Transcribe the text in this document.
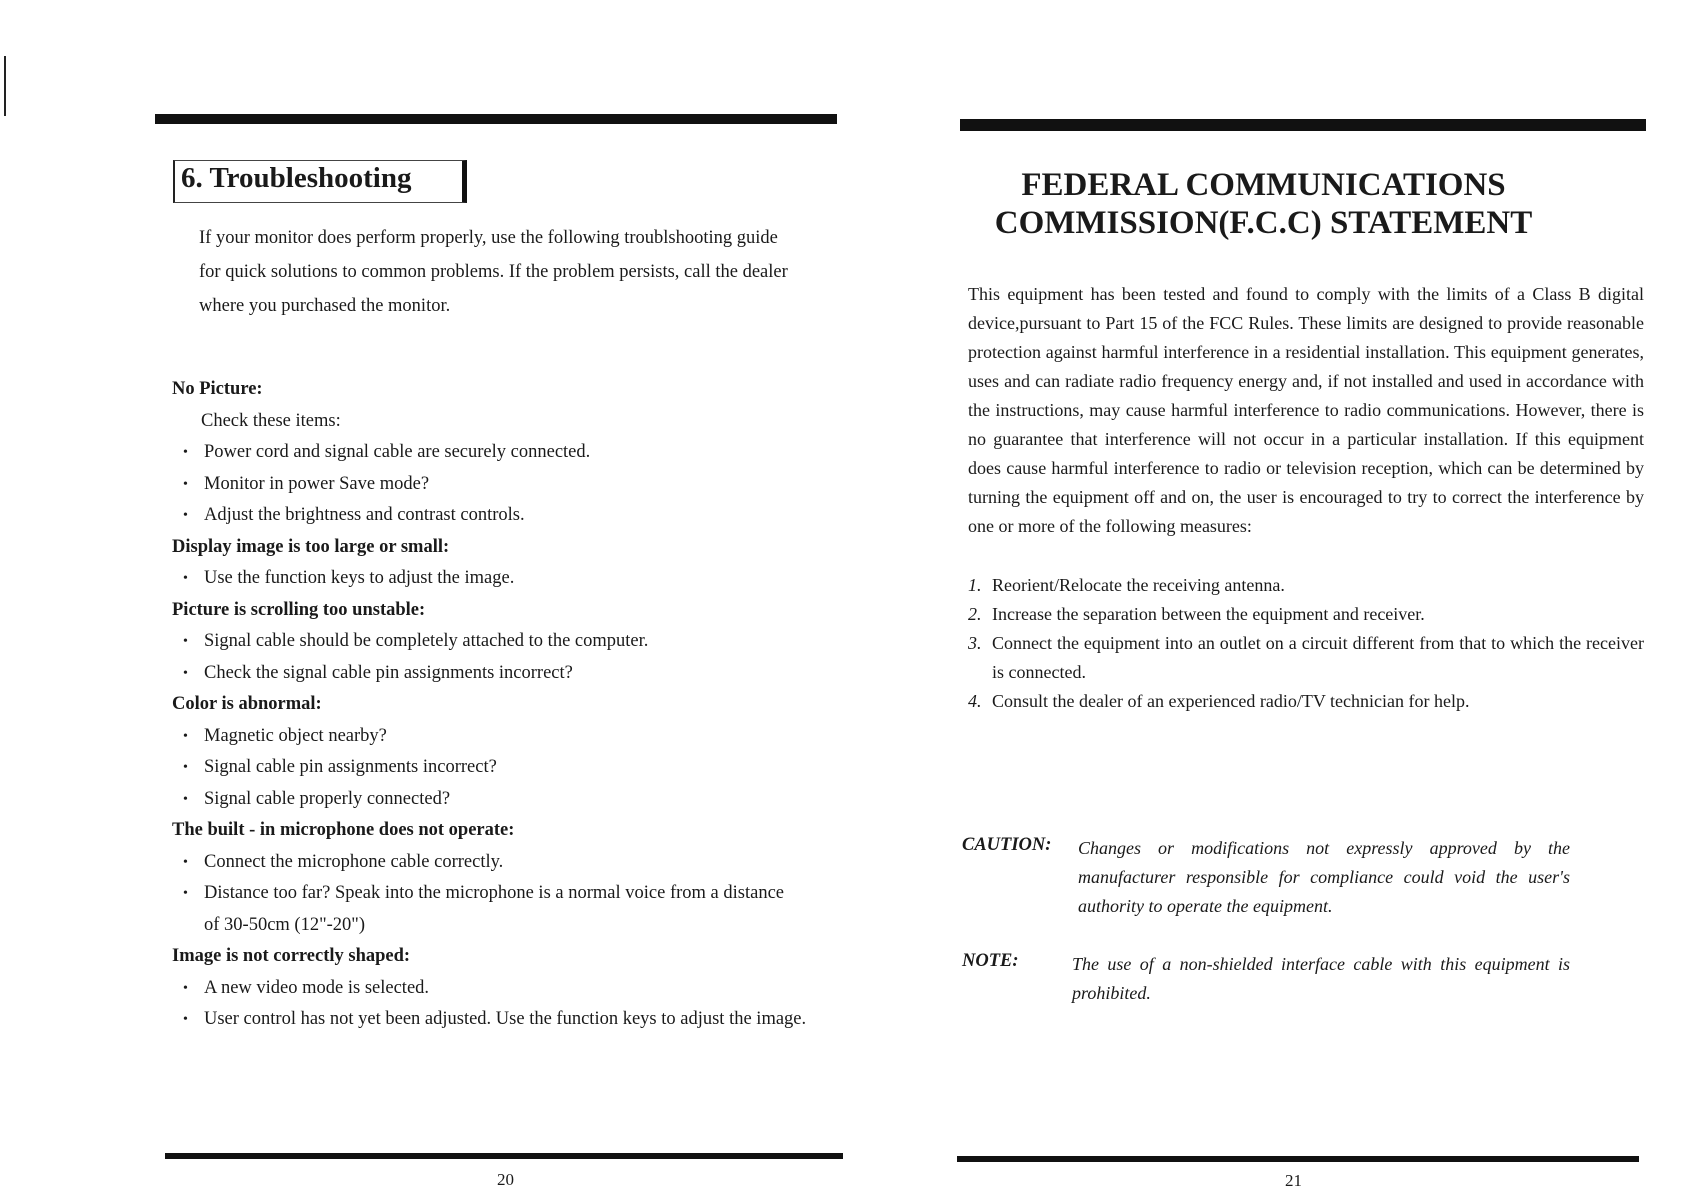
6. Troubleshooting

If your monitor does perform properly, use the following troublshooting guide for quick solutions to common problems. If the problem persists, call the dealer where you purchased the monitor.

No Picture:
Check these items:
• Power cord and signal cable are securely connected.
• Monitor in power Save mode?
• Adjust the brightness and contrast controls.
Display image is too large or small:
• Use the function keys to adjust the image.
Picture is scrolling too unstable:
• Signal cable should be completely attached to the computer.
• Check the signal cable pin assignments incorrect?
Color is abnormal:
• Magnetic object nearby?
• Signal cable pin assignments incorrect?
• Signal cable properly connected?
The built - in microphone does not operate:
• Connect the microphone cable correctly.
• Distance too far? Speak into the microphone is a normal voice from a distance of 30-50cm (12"-20")
Image is not correctly shaped:
• A new video mode is selected.
• User control has not yet been adjusted. Use the function keys to adjust the image.
20
FEDERAL COMMUNICATIONS
COMMISSION(F.C.C) STATEMENT

This equipment has been tested and found to comply with the limits of a Class B digital device,pursuant to Part 15 of the FCC Rules. These limits are designed to provide reasonable protection against harmful interference in a residential installation. This equipment generates, uses and can radiate radio frequency energy and, if not installed and used in accordance with the instructions, may cause harmful interference to radio communications. However, there is no guarantee that interference will not occur in a particular installation. If this equipment does cause harmful interference to radio or television reception, which can be determined by turning the equipment off and on, the user is encouraged to try to correct the interference by one or more of the following measures:

1. Reorient/Relocate the receiving antenna.
2. Increase the separation between the equipment and receiver.
3. Connect the equipment into an outlet on a circuit different from that to which the receiver is connected.
4. Consult the dealer of an experienced radio/TV technician for help.
CAUTION: Changes or modifications not expressly approved by the manufacturer responsible for compliance could void the user's authority to operate the equipment.

NOTE:	The use of a non-shielded interface cable with this equipment is prohibited.

21
